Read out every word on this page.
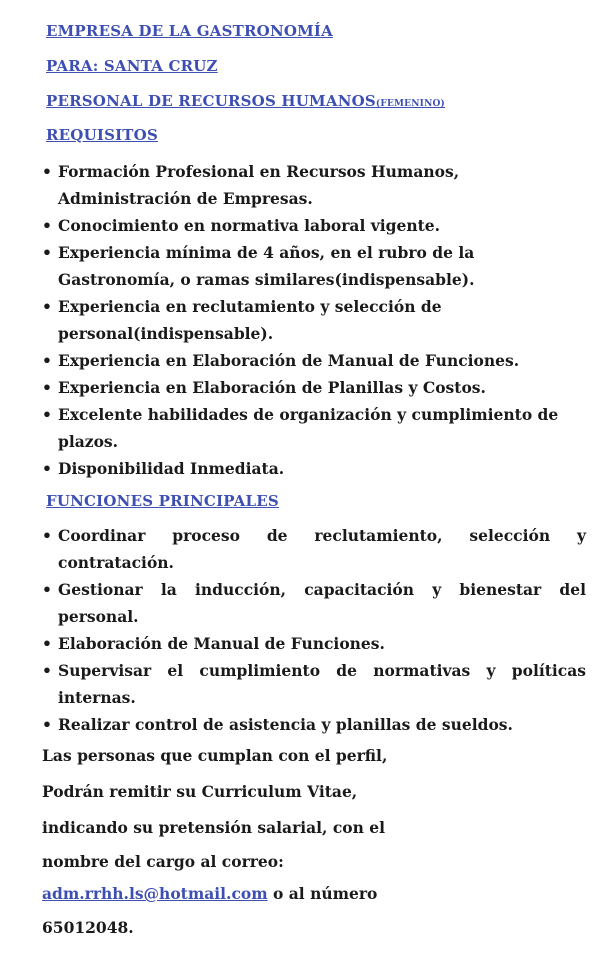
EMPRESA DE LA GASTRONOMÍA
PARA: SANTA CRUZ
PERSONAL DE RECURSOS HUMANOS(FEMENINO)
REQUISITOS
• Formación Profesional en Recursos Humanos, Administración de Empresas.
• Conocimiento en normativa laboral vigente.
• Experiencia mínima de 4 años, en el rubro de la Gastronomía, o ramas similares(indispensable).
• Experiencia en reclutamiento y selección de personal(indispensable).
• Experiencia en Elaboración de Manual de Funciones.
• Experiencia en Elaboración de Planillas y Costos.
• Excelente habilidades de organización y cumplimiento de plazos.
• Disponibilidad Inmediata.
FUNCIONES PRINCIPALES
• Coordinar proceso de reclutamiento, selección y contratación.
• Gestionar la inducción, capacitación y bienestar del personal.
• Elaboración de Manual de Funciones.
• Supervisar el cumplimiento de normativas y políticas internas.
• Realizar control de asistencia y planillas de sueldos.
Las personas que cumplan con el perfil,
Podrán remitir su Curriculum Vitae,
indicando su pretensión salarial, con el
nombre del cargo al correo:
adm.rrhh.ls@hotmail.com o al número
65012048.
